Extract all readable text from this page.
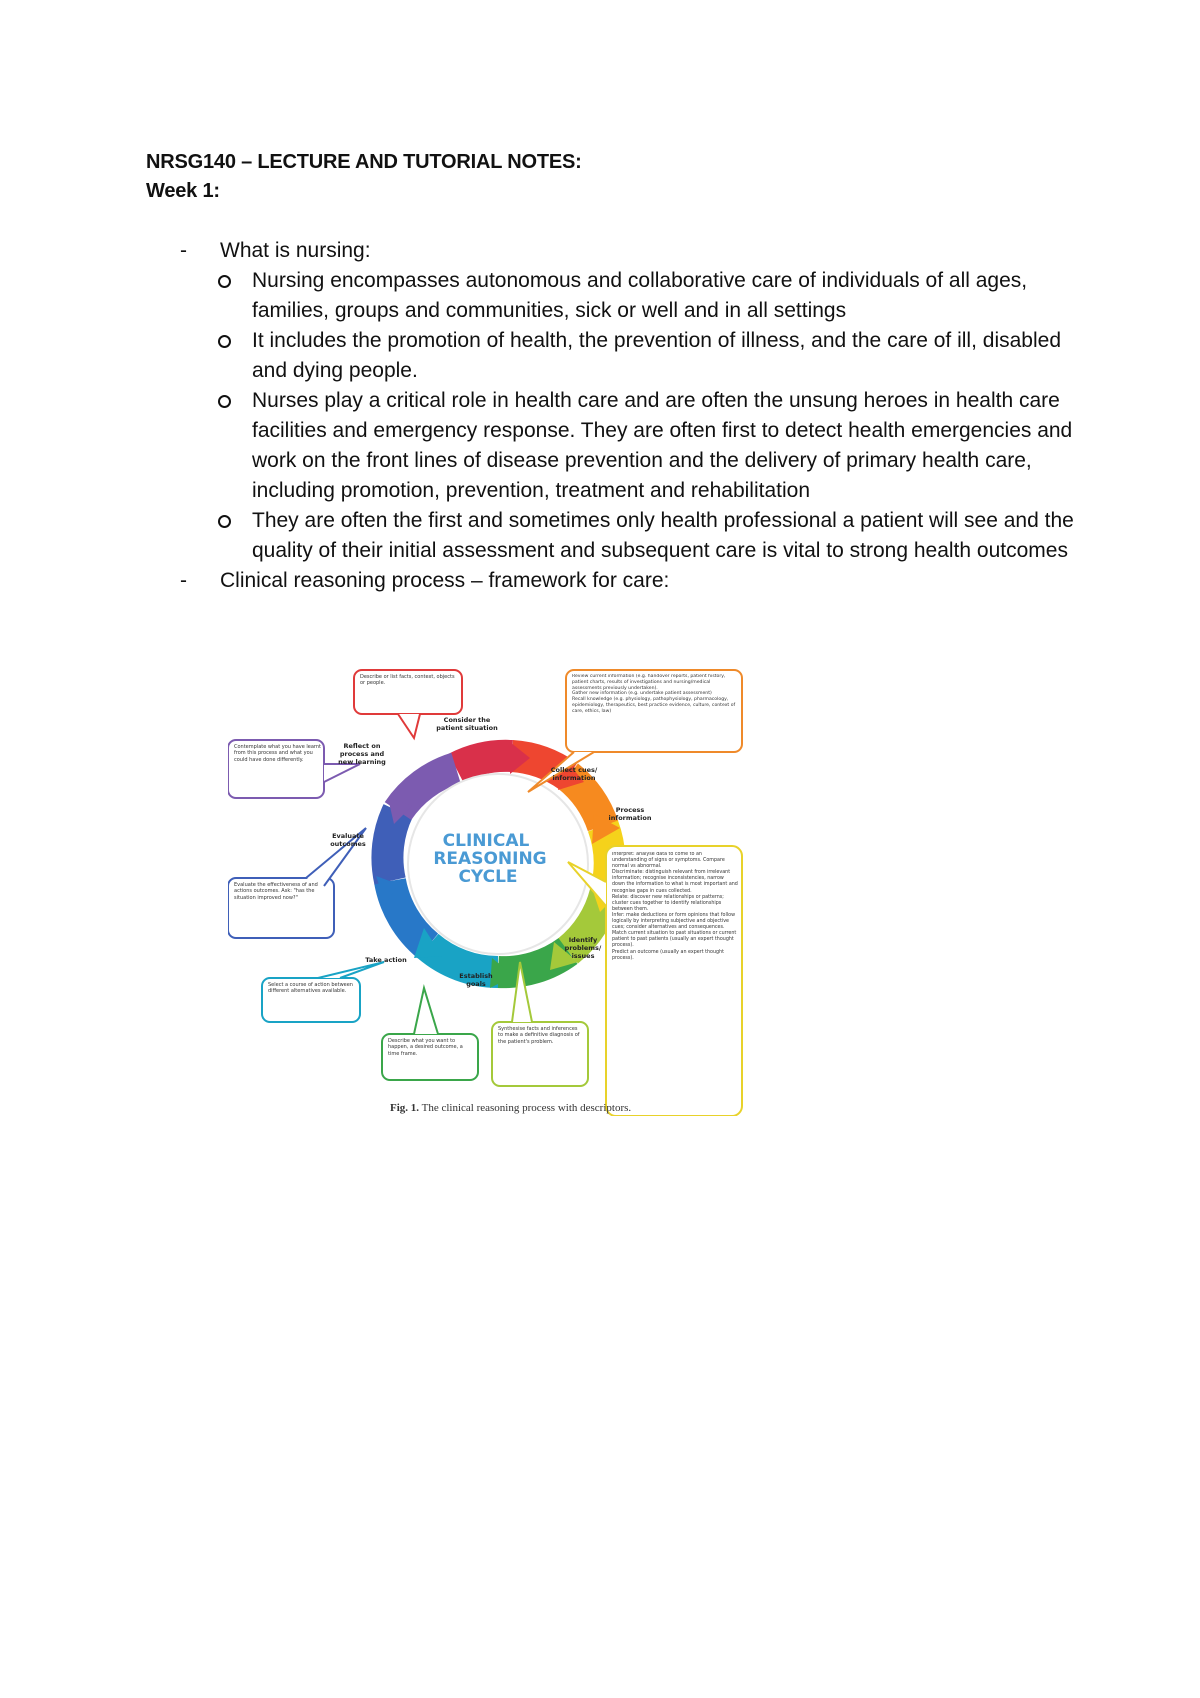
NRSG140 – LECTURE AND TUTORIAL NOTES:
Week 1:
-	What is nursing:
Nursing encompasses autonomous and collaborative care of individuals of all ages, families, groups and communities, sick or well and in all settings
It includes the promotion of health, the prevention of illness, and the care of ill, disabled and dying people.
Nurses play a critical role in health care and are often the unsung heroes in health care facilities and emergency response. They are often first to detect health emergencies and work on the front lines of disease prevention and the delivery of primary health care, including promotion, prevention, treatment and rehabilitation
They are often the first and sometimes only health professional a patient will see and the quality of their initial assessment and subsequent care is vital to strong health outcomes
-	Clinical reasoning process – framework for care:
CLINICAL
REASONING
CYCLE
Consider the patient situation
Collect cues/ information
Process information
Identify problems/ issues
Establish goals
Take action
Evaluate outcomes
Reflect on process and new learning
Describe or list facts, context, objects or people.
Review current information (e.g. handover reports, patient history, patient charts, results of investigations and nursing/medical assessments previously undertaken).
Gather new information (e.g. undertake patient assessment)
Recall knowledge (e.g. physiology, pathophysiology, pharmacology, epidemiology, therapeutics, best practice evidence, culture, context of care, ethics, law)
Interpret: analyse data to come to an understanding of signs or symptoms. Compare normal vs abnormal.
Discriminate: distinguish relevant from irrelevant information; recognise inconsistencies, narrow down the information to what is most important and recognise gaps in cues collected.
Relate: discover new relationships or patterns; cluster cues together to identify relationships between them.
Infer: make deductions or form opinions that follow logically by interpreting subjective and objective cues; consider alternatives and consequences.
Match current situation to past situations or current patient to past patients (usually an expert thought process).
Predict an outcome (usually an expert thought process).
Synthesise facts and inferences to make a definitive diagnosis of the patient's problem.
Describe what you want to happen, a desired outcome, a time frame.
Select a course of action between different alternatives available.
Evaluate the effectiveness of and actions outcomes. Ask: "has the situation improved now?"
Contemplate what you have learnt from this process and what you could have done differently.
Fig. 1. The clinical reasoning process with descriptors.
